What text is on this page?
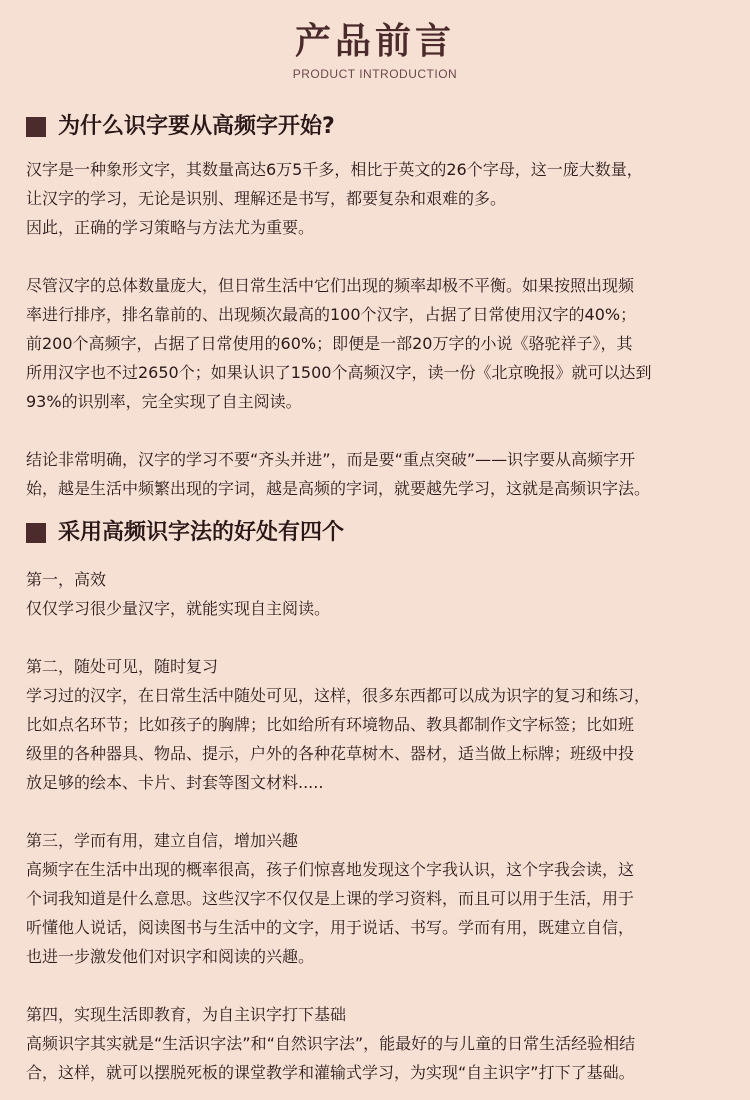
产品前言
PRODUCT INTRODUCTION
为什么识字要从高频字开始?

汉字是一种象形文字，其数量高达6万5千多，相比于英文的26个字母，这一庞大数量，

让汉字的学习，无论是识别、理解还是书写，都要复杂和艰难的多。

因此，正确的学习策略与方法尤为重要。

尽管汉字的总体数量庞大，但日常生活中它们出现的频率却极不平衡。如果按照出现频

率进行排序，排名靠前的、出现频次最高的100个汉字，占据了日常使用汉字的40%；

前200个高频字，占据了日常使用的60%；即便是一部20万字的小说《骆驼祥子》，其

所用汉字也不过2650个；如果认识了1500个高频汉字，读一份《北京晚报》就可以达到

93%的识别率，完全实现了自主阅读。

结论非常明确，汉字的学习不要“齐头并进”，而是要“重点突破”——识字要从高频字开

始，越是生活中频繁出现的字词，越是高频的字词，就要越先学习，这就是高频识字法。

采用高频识字法的好处有四个

第一，高效

仅仅学习很少量汉字，就能实现自主阅读。

第二，随处可见，随时复习

学习过的汉字，在日常生活中随处可见，这样，很多东西都可以成为识字的复习和练习，

比如点名环节；比如孩子的胸牌；比如给所有环境物品、教具都制作文字标签；比如班

级里的各种器具、物品、提示，户外的各种花草树木、器材，适当做上标牌；班级中投

放足够的绘本、卡片、封套等图文材料.....

第三，学而有用，建立自信，增加兴趣

高频字在生活中出现的概率很高，孩子们惊喜地发现这个字我认识，这个字我会读，这

个词我知道是什么意思。这些汉字不仅仅是上课的学习资料，而且可以用于生活，用于

听懂他人说话，阅读图书与生活中的文字，用于说话、书写。学而有用，既建立自信，

也进一步激发他们对识字和阅读的兴趣。

第四，实现生活即教育，为自主识字打下基础

高频识字其实就是“生活识字法”和“自然识字法”，能最好的与儿童的日常生活经验相结

合，这样，就可以摆脱死板的课堂教学和灌输式学习，为实现“自主识字”打下了基础。
